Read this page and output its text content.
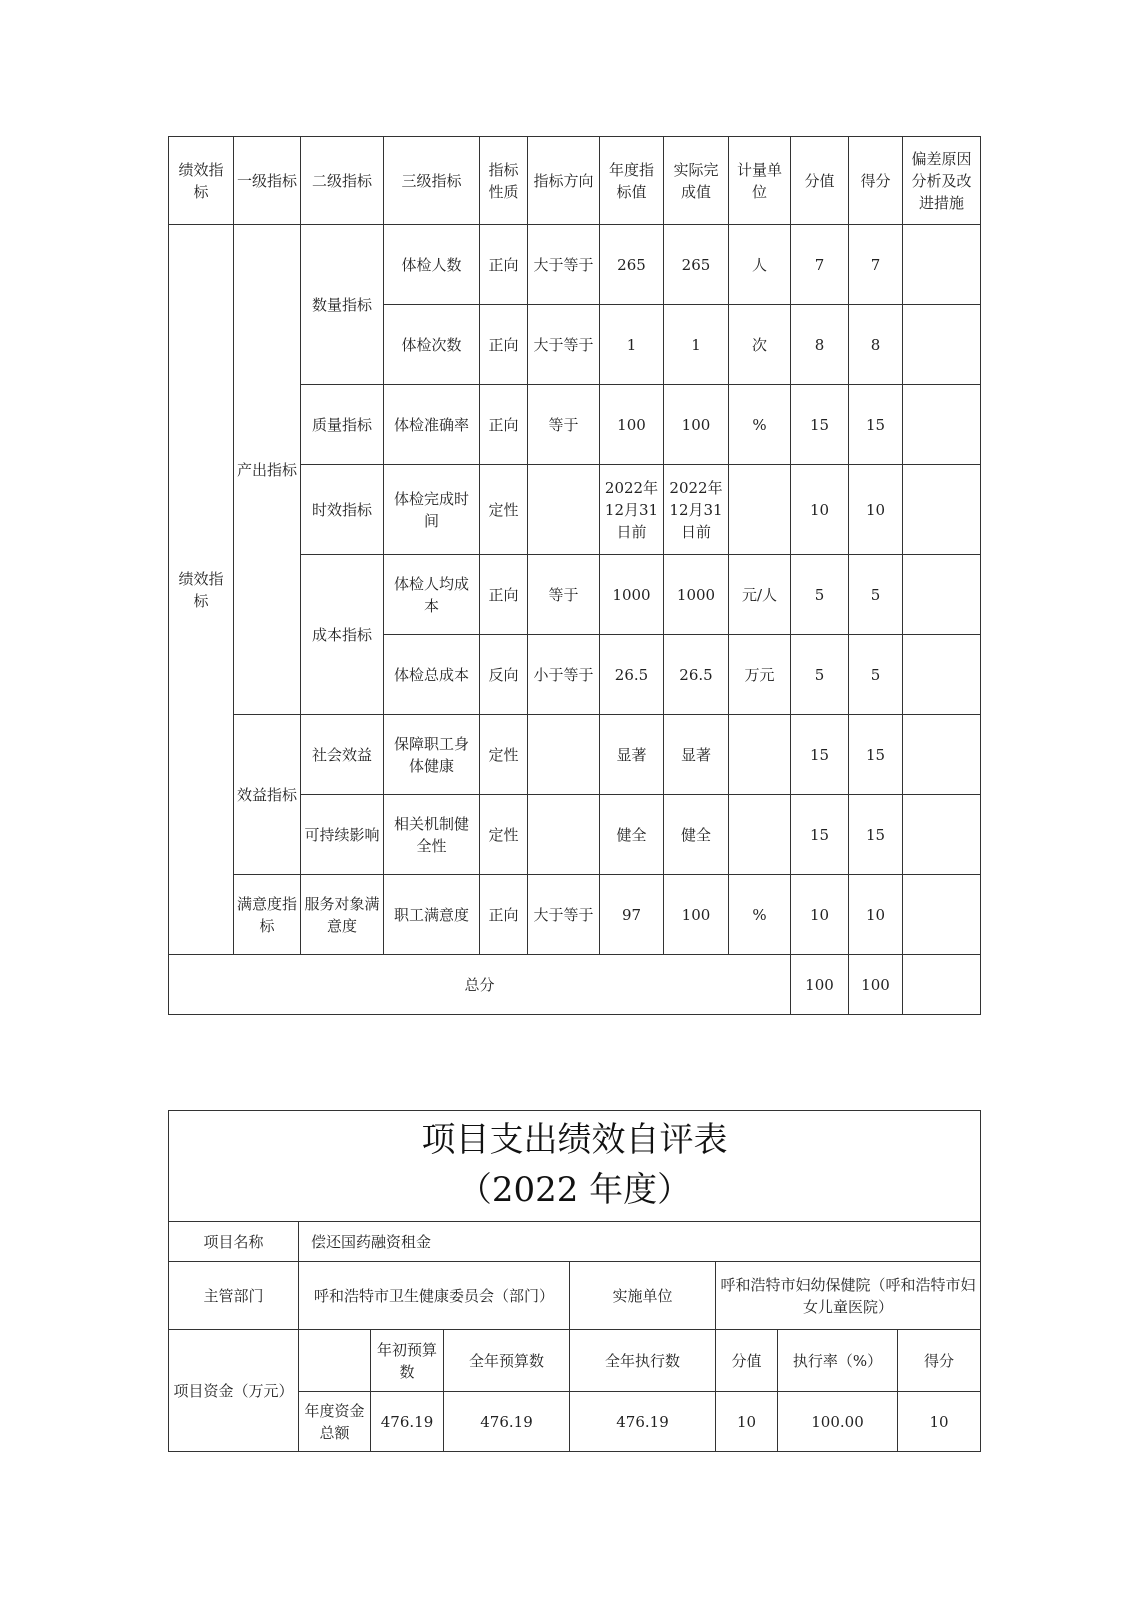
绩效指标	一级指标	二级指标	三级指标	指标性质	指标方向	年度指标值	实际完成值	计量单位	分值	得分	偏差原因分析及改进措施
绩效指标	产出指标	数量指标	体检人数	正向	大于等于	265	265	人	7	7	
			体检次数	正向	大于等于	1	1	次	8	8	
		质量指标	体检准确率	正向	等于	100	100	%	15	15	
		时效指标	体检完成时间	定性		2022年12月31日前	2022年12月31日前		10	10	
		成本指标	体检人均成本	正向	等于	1000	1000	元/人	5	5	
			体检总成本	反向	小于等于	26.5	26.5	万元	5	5	
	效益指标	社会效益	保障职工身体健康	定性		显著	显著		15	15	
		可持续影响	相关机制健全性	定性		健全	健全		15	15	
	满意度指标	服务对象满意度	职工满意度	正向	大于等于	97	100	%	10	10	
总分									100	100	
项目支出绩效自评表
（2022 年度）							

项目名称	偿还国药融资租金						
主管部门	呼和浩特市卫生健康委员会（部门）			实施单位	呼和浩特市妇幼保健院（呼和浩特市妇女儿童医院）		
项目资金（万元）		年初预算数	全年预算数	全年执行数	分值	执行率（%）	得分
	年度资金总额	476.19	476.19	476.19	10	100.00	10
